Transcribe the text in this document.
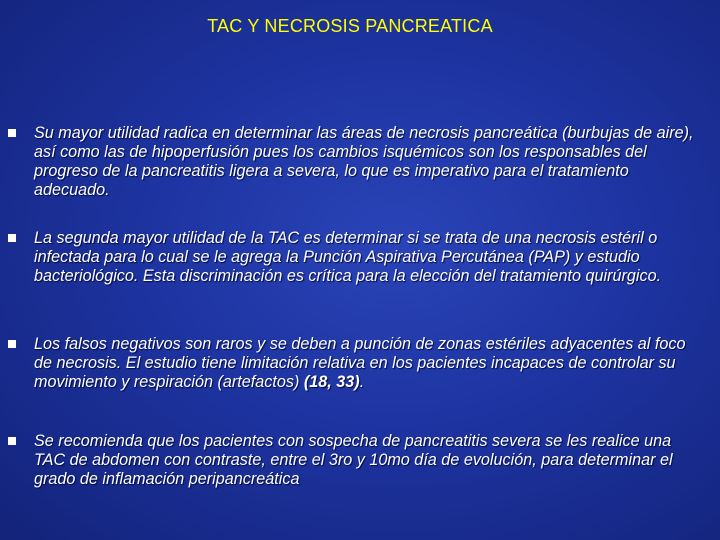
TAC Y NECROSIS PANCREATICA
Su mayor utilidad radica en determinar las áreas de necrosis pancreática (burbujas de aire), así como las de hipoperfusión pues los cambios isquémicos son los responsables del progreso de la pancreatitis ligera a severa, lo que es imperativo para el tratamiento adecuado.
La segunda mayor utilidad de la TAC es determinar si se trata de una necrosis estéril o infectada para lo cual se le agrega la Punción Aspirativa Percutánea (PAP) y estudio bacteriológico. Esta discriminación es crítica para la elección del tratamiento quirúrgico.
Los falsos negativos son raros y se deben a punción de zonas estériles adyacentes al foco de necrosis. El estudio tiene limitación relativa en los pacientes incapaces de controlar su movimiento y respiración (artefactos) (18, 33).
Se recomienda que los pacientes con sospecha de pancreatitis severa se les realice una TAC de abdomen con contraste, entre el 3ro y 10mo día de evolución, para determinar el grado de inflamación peripancreática
